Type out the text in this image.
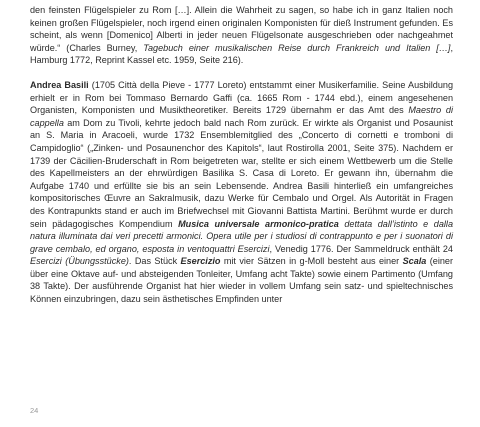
den feinsten Flügelspieler zu Rom […]. Allein die Wahrheit zu sagen, so habe ich in ganz Italien noch keinen großen Flügelspieler, noch irgend einen originalen Komponisten für dieß Instrument gefunden. Es scheint, als wenn [Domenico] Alberti in jeder neuen Flügelsonate ausgeschrieben oder nachgeahmet würde.“ (Charles Burney, Tagebuch einer musikalischen Reise durch Frankreich und Italien […], Hamburg 1772, Reprint Kassel etc. 1959, Seite 216).

Andrea Basili (1705 Città della Pieve - 1777 Loreto) entstammt einer Musikerfamilie. Seine Ausbildung erhielt er in Rom bei Tommaso Bernardo Gaffi (ca. 1665 Rom - 1744 ebd.), einem angesehenen Organisten, Komponisten und Musiktheoretiker. Bereits 1729 übernahm er das Amt des Maestro di cappella am Dom zu Tivoli, kehrte jedoch bald nach Rom zurück. Er wirkte als Organist und Posaunist an S. Maria in Aracoeli, wurde 1732 Ensemblemitglied des „Concerto di cornetti e tromboni di Campidoglio“ („Zinken- und Posaunenchor des Kapitols“, laut Rostirolla 2001, Seite 375). Nachdem er 1739 der Cäcilien-Bruderschaft in Rom beigetreten war, stellte er sich einem Wettbewerb um die Stelle des Kapellmeisters an der ehrwürdigen Basilika S. Casa di Loreto. Er gewann ihn, übernahm die Aufgabe 1740 und erfüllte sie bis an sein Lebensende. Andrea Basili hinterließ ein umfangreiches kompositorisches Œuvre an Sakralmusik, dazu Werke für Cembalo und Orgel. Als Autorität in Fragen des Kontrapunkts stand er auch im Briefwechsel mit Giovanni Battista Martini. Berühmt wurde er durch sein pädagogisches Kompendium Musica universale armonico-pratica dettata dall’istinto e dalla natura illuminata dai veri precetti armonici. Opera utile per i studiosi di contrappunto e per i suonatori di grave cembalo, ed organo, esposta in ventoquattri Esercizi, Venedig 1776. Der Sammeldruck enthält 24 Esercizi (Übungsstücke). Das Stück Esercizio mit vier Sätzen in g-Moll besteht aus einer Scala (einer über eine Oktave auf- und absteigenden Tonleiter, Umfang acht Takte) sowie einem Partimento (Umfang 38 Takte). Der ausführende Organist hat hier wieder in vollem Umfang sein satz- und spieltechnisches Können einzubringen, dazu sein ästhetisches Empfinden unter

24
